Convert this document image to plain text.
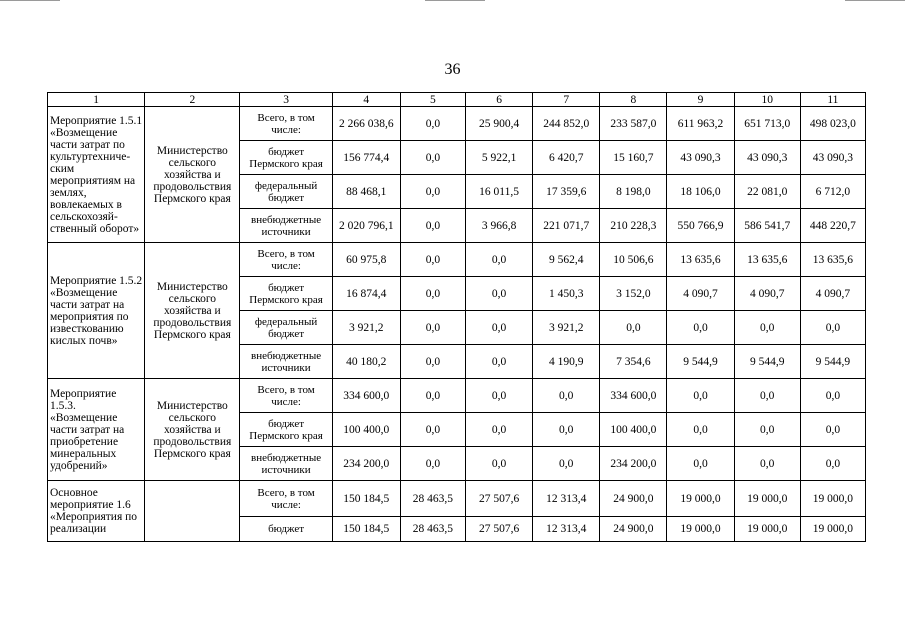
36
1	2	3	4	5	6	7	8	9	10	11
Мероприятие 1.5.1 «Возмещение части затрат по культуртехниче-ским мероприятиям на землях, вовлекаемых в сельскохозяй-ственный оборот»	Министерство сельского хозяйства и продовольствия Пермского края	Всего, в том числе:	2 266 038,6	0,0	25 900,4	244 852,0	233 587,0	611 963,2	651 713,0	498 023,0
		бюджет Пермского края	156 774,4	0,0	5 922,1	6 420,7	15 160,7	43 090,3	43 090,3	43 090,3
		федеральный бюджет	88 468,1	0,0	16 011,5	17 359,6	8 198,0	18 106,0	22 081,0	6 712,0
		внебюджетные источники	2 020 796,1	0,0	3 966,8	221 071,7	210 228,3	550 766,9	586 541,7	448 220,7
Мероприятие 1.5.2 «Возмещение части затрат на мероприятия по известкованию кислых почв»	Министерство сельского хозяйства и продовольствия Пермского края	Всего, в том числе:	60 975,8	0,0	0,0	9 562,4	10 506,6	13 635,6	13 635,6	13 635,6
		бюджет Пермского края	16 874,4	0,0	0,0	1 450,3	3 152,0	4 090,7	4 090,7	4 090,7
		федеральный бюджет	3 921,2	0,0	0,0	3 921,2	0,0	0,0	0,0	0,0
		внебюджетные источники	40 180,2	0,0	0,0	4 190,9	7 354,6	9 544,9	9 544,9	9 544,9
Мероприятие 1.5.3. «Возмещение части затрат на приобретение минеральных удобрений»	Министерство сельского хозяйства и продовольствия Пермского края	Всего, в том числе:	334 600,0	0,0	0,0	0,0	334 600,0	0,0	0,0	0,0
		бюджет Пермского края	100 400,0	0,0	0,0	0,0	100 400,0	0,0	0,0	0,0
		внебюджетные источники	234 200,0	0,0	0,0	0,0	234 200,0	0,0	0,0	0,0
Основное мероприятие 1.6 «Мероприятия по реализации		Всего, в том числе:	150 184,5	28 463,5	27 507,6	12 313,4	24 900,0	19 000,0	19 000,0	19 000,0
		бюджет	150 184,5	28 463,5	27 507,6	12 313,4	24 900,0	19 000,0	19 000,0	19 000,0
